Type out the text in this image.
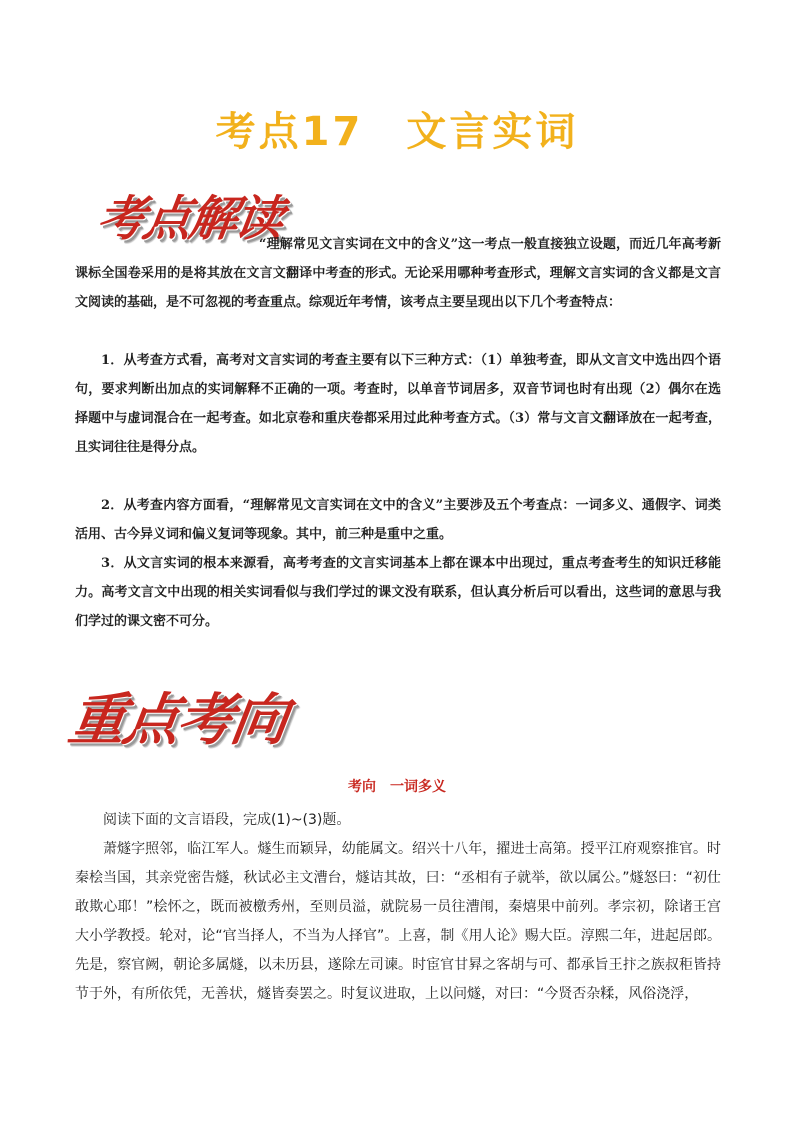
考点17　文言实词
考点解读

“理解常见文言实词在文中的含义”这一考点一般直接独立设题，而近几年高考新课标全国卷采用的是将其放在文言文翻译中考查的形式。无论采用哪种考查形式，理解文言实词的含义都是文言文阅读的基础，是不可忽视的考查重点。综观近年考情，该考点主要呈现出以下几个考查特点：

1．从考查方式看，高考对文言实词的考查主要有以下三种方式：（1）单独考查，即从文言文中选出四个语句，要求判断出加点的实词解释不正确的一项。考查时，以单音节词居多，双音节词也时有出现（2）偶尔在选择题中与虚词混合在一起考查。如北京卷和重庆卷都采用过此种考查方式。（3）常与文言文翻译放在一起考查，且实词往往是得分点。

2．从考查内容方面看，“理解常见文言实词在文中的含义”主要涉及五个考查点：一词多义、通假字、词类活用、古今异义词和偏义复词等现象。其中，前三种是重中之重。

3．从文言实词的根本来源看，高考考查的文言实词基本上都在课本中出现过，重点考查考生的知识迁移能力。高考文言文中出现的相关实词看似与我们学过的课文没有联系，但认真分析后可以看出，这些词的意思与我们学过的课文密不可分。

重点考向
考向　一词多义

阅读下面的文言语段，完成(1)~(3)题。

萧燧字照邻，临江军人。燧生而颖异，幼能属文。绍兴十八年，擢进士高第。授平江府观察推官。时秦桧当国，其亲党密告燧，秋试必主文漕台，燧诘其故，曰：“丞相有子就举，欲以属公。”燧怒曰：“初仕敢欺心耶！”桧怀之，既而被檄秀州，至则员溢，就院易一员往漕闱，秦熺果中前列。孝宗初，除诸王宫大小学教授。轮对，论“官当择人，不当为人择官”。上喜，制《用人论》赐大臣。淳熙二年，进起居郎。先是，察官阙，朝论多属燧，以未历县，遂除左司谏。时宦官甘昪之客胡与可、都承旨王抃之族叔秬皆持节于外，有所依凭，无善状，燧皆奏罢之。时复议进取，上以问燧，对曰：“今贤否杂糅，风俗浇浮，
